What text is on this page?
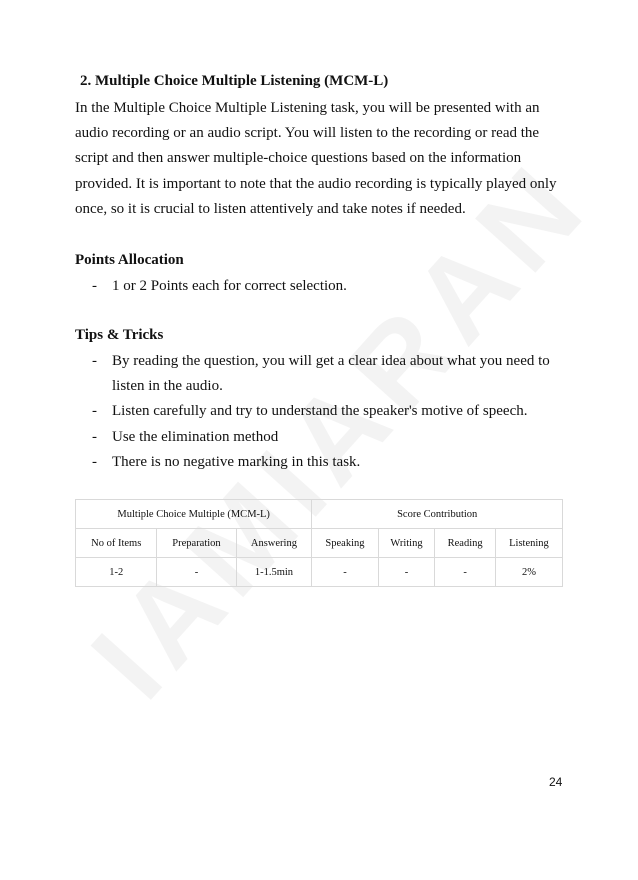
2. Multiple Choice Multiple Listening (MCM-L)

In the Multiple Choice Multiple Listening task, you will be presented with an audio recording or an audio script. You will listen to the recording or read the script and then answer multiple-choice questions based on the information provided. It is important to note that the audio recording is typically played only once, so it is crucial to listen attentively and take notes if needed.

Points Allocation
- 1 or 2 Points each for correct selection.
Tips & Tricks
- By reading the question, you will get a clear idea about what you need to listen in the audio.
- Listen carefully and try to understand the speaker's motive of speech.
- Use the elimination method
- There is no negative marking in this task.
Multiple Choice Multiple (MCM-L)			Score Contribution			
No of Items	Preparation	Answering	Speaking	Writing	Reading	Listening
1-2	-	1-1.5min	-	-	-	2%
24
